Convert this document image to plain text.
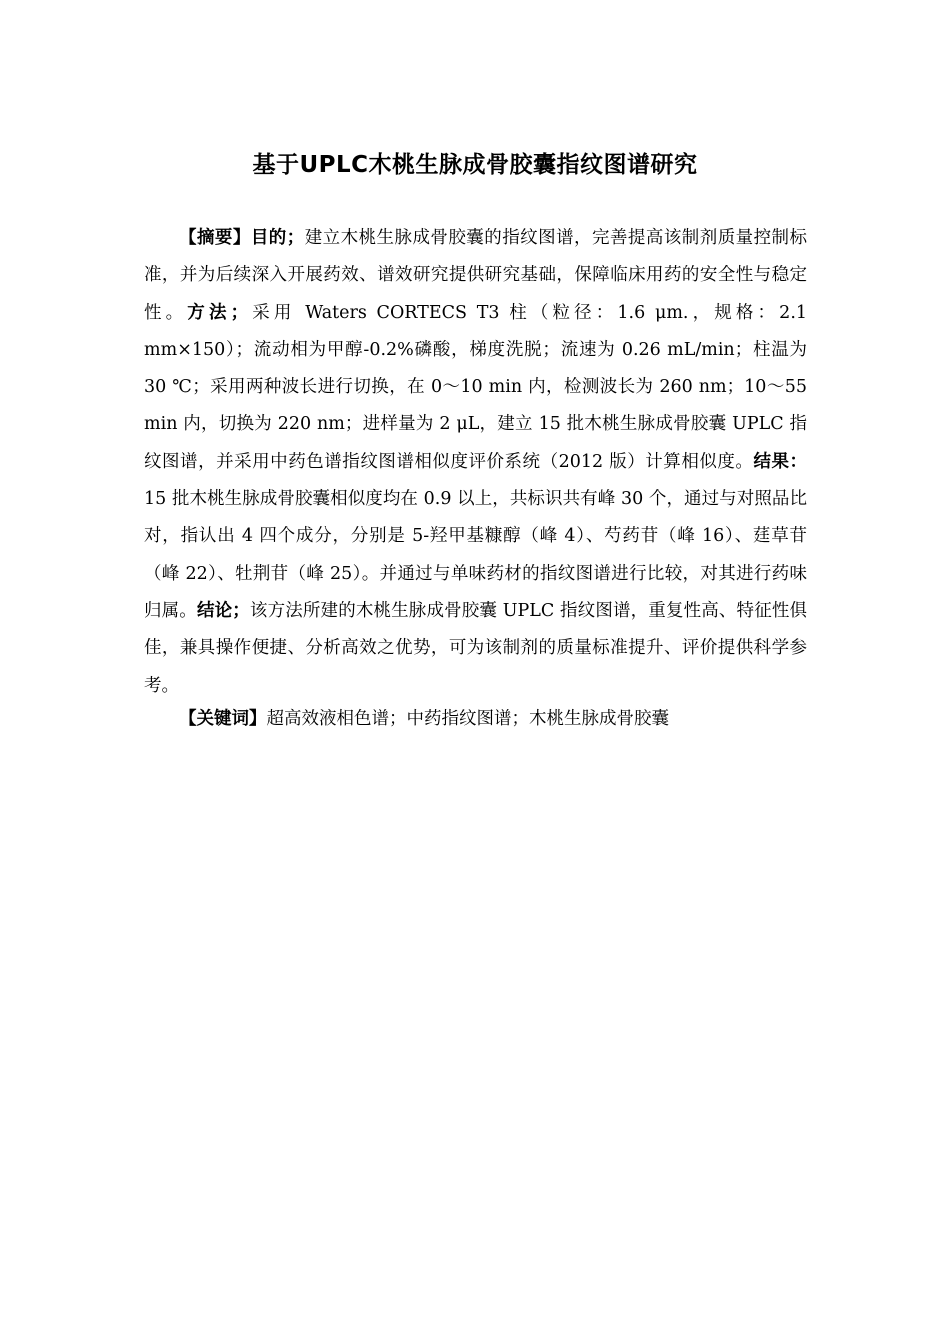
基于UPLC木桃生脉成骨胶囊指纹图谱研究

【摘要】目的；建立木桃生脉成骨胶囊的指纹图谱，完善提高该制剂质量控制标准，并为后续深入开展药效、谱效研究提供研究基础，保障临床用药的安全性与稳定性。方法；采用 Waters CORTECS T3 柱（粒径：1.6 μm.，规格：2.1 mm×150）；流动相为甲醇-0.2%磷酸，梯度洗脱；流速为 0.26 mL/min；柱温为 30 ℃；采用两种波长进行切换，在 0～10 min 内，检测波长为 260 nm；10～55 min 内，切换为 220 nm；进样量为 2 μL，建立 15 批木桃生脉成骨胶囊 UPLC 指纹图谱，并采用中药色谱指纹图谱相似度评价系统（2012 版）计算相似度。结果：15 批木桃生脉成骨胶囊相似度均在 0.9 以上，共标识共有峰 30 个，通过与对照品比对，指认出 4 四个成分，分别是 5-羟甲基糠醇（峰 4）、芍药苷（峰 16）、莛草苷（峰 22）、牡荆苷（峰 25）。并通过与单味药材的指纹图谱进行比较，对其进行药味归属。结论；该方法所建的木桃生脉成骨胶囊 UPLC 指纹图谱，重复性高、特征性俱佳，兼具操作便捷、分析高效之优势，可为该制剂的质量标准提升、评价提供科学参考。

【关键词】超高效液相色谱；中药指纹图谱；木桃生脉成骨胶囊
